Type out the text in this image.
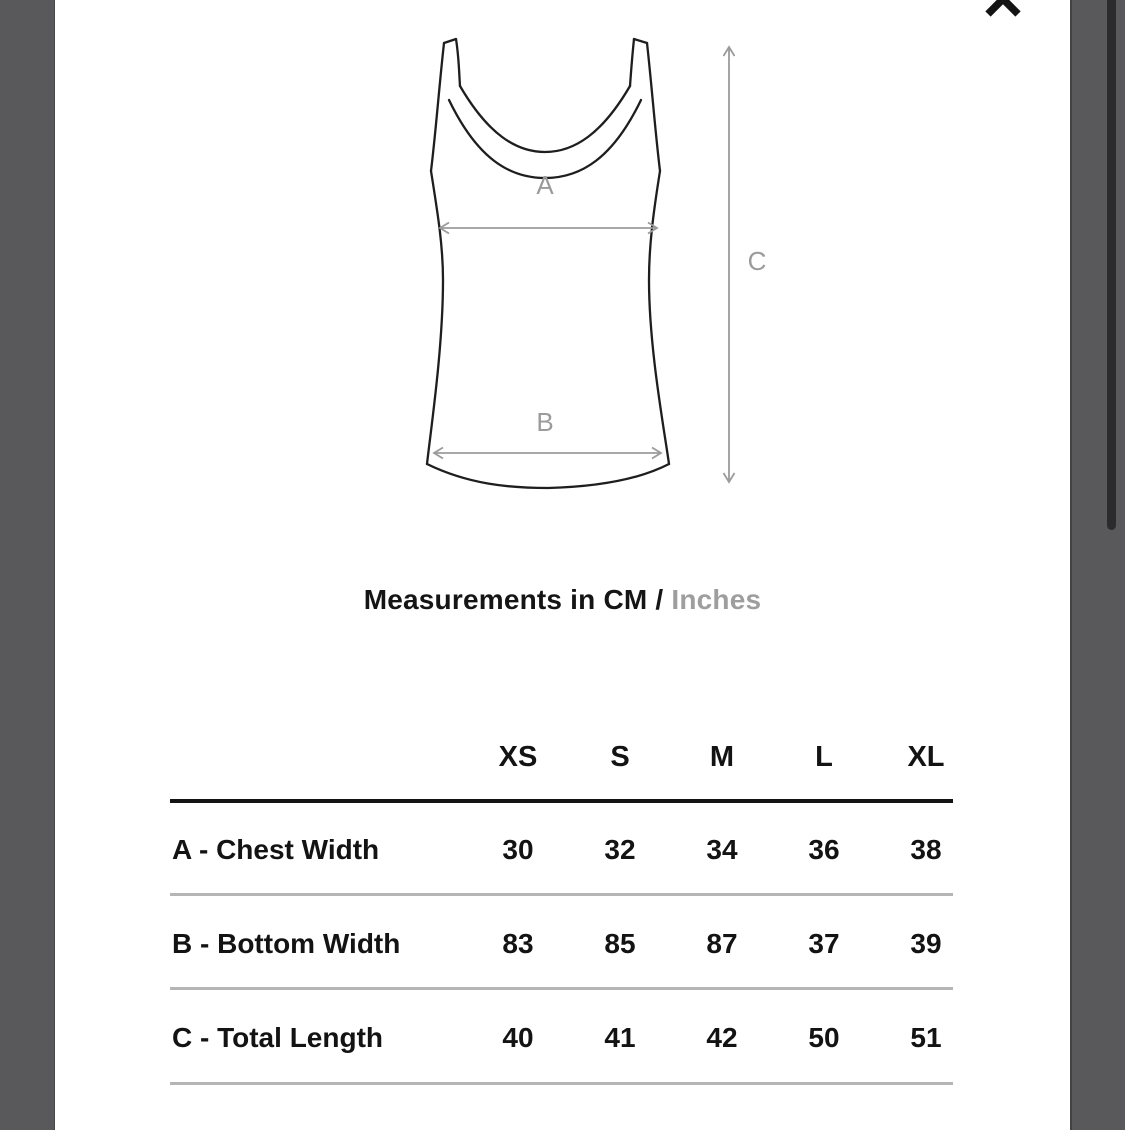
A
B
C
Measurements in CM / Inches
XS	S	M	L	XL
A - Chest Width	30	32	34	36	38
B - Bottom Width	83	85	87	37	39
C - Total Length	40	41	42	50	51
